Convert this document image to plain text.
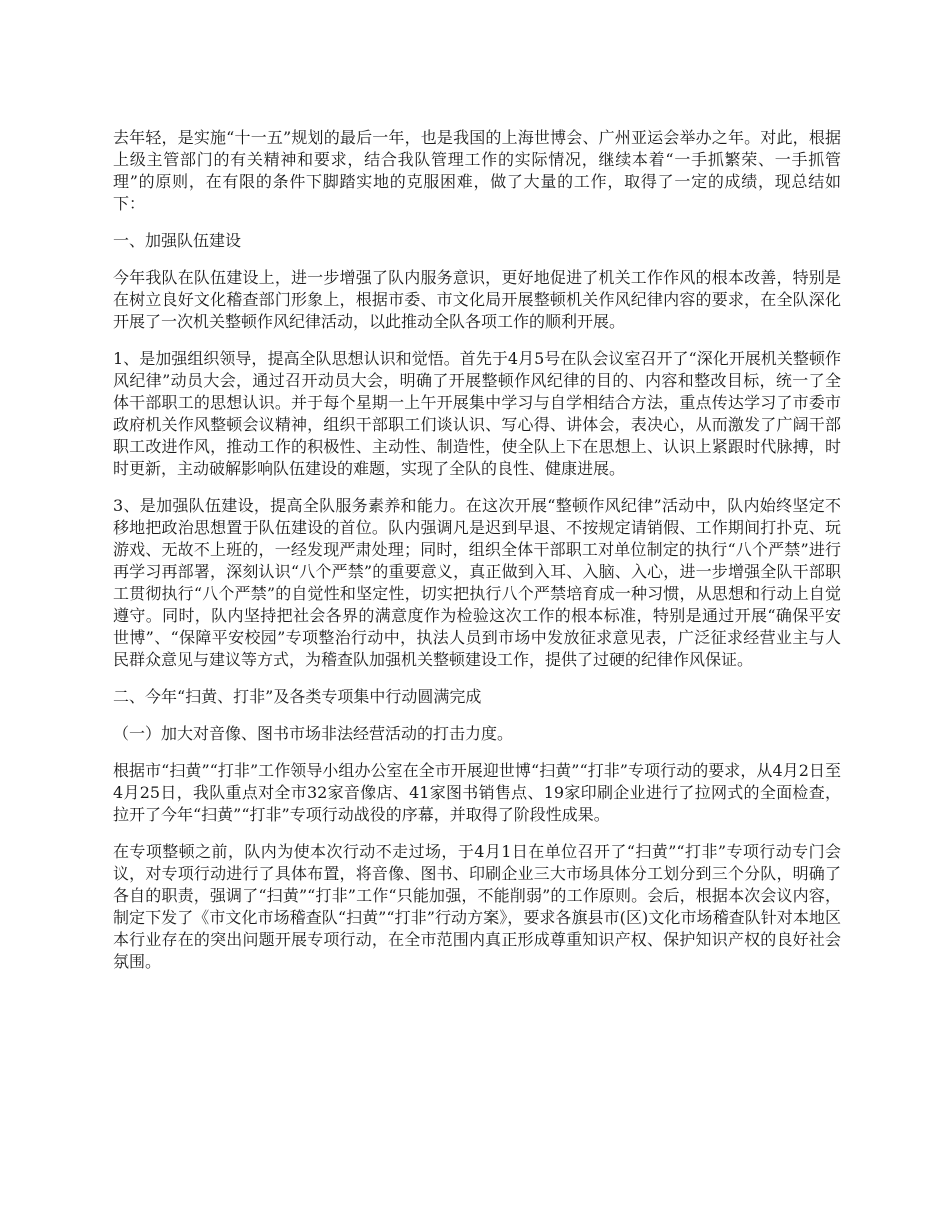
去年轻，是实施“十一五”规划的最后一年，也是我国的上海世博会、广州亚运会举办之年。对此，根据上级主管部门的有关精神和要求，结合我队管理工作的实际情况，继续本着“一手抓繁荣、一手抓管理”的原则，在有限的条件下脚踏实地的克服困难，做了大量的工作，取得了一定的成绩，现总结如下：

一、加强队伍建设

今年我队在队伍建设上，进一步增强了队内服务意识，更好地促进了机关工作作风的根本改善，特别是在树立良好文化稽查部门形象上，根据市委、市文化局开展整顿机关作风纪律内容的要求，在全队深化开展了一次机关整顿作风纪律活动，以此推动全队各项工作的顺利开展。

1、是加强组织领导，提高全队思想认识和觉悟。首先于4月5号在队会议室召开了“深化开展机关整顿作风纪律”动员大会，通过召开动员大会，明确了开展整顿作风纪律的目的、内容和整改目标，统一了全体干部职工的思想认识。并于每个星期一上午开展集中学习与自学相结合方法，重点传达学习了市委市政府机关作风整顿会议精神，组织干部职工们谈认识、写心得、讲体会，表决心，从而激发了广阔干部职工改进作风，推动工作的积极性、主动性、制造性，使全队上下在思想上、认识上紧跟时代脉搏，时时更新，主动破解影响队伍建设的难题，实现了全队的良性、健康进展。

3、是加强队伍建设，提高全队服务素养和能力。在这次开展“整顿作风纪律”活动中，队内始终坚定不移地把政治思想置于队伍建设的首位。队内强调凡是迟到早退、不按规定请销假、工作期间打扑克、玩游戏、无故不上班的，一经发现严肃处理；同时，组织全体干部职工对单位制定的执行“八个严禁”进行再学习再部署，深刻认识“八个严禁”的重要意义，真正做到入耳、入脑、入心，进一步增强全队干部职工贯彻执行“八个严禁”的自觉性和坚定性，切实把执行八个严禁培育成一种习惯，从思想和行动上自觉遵守。同时，队内坚持把社会各界的满意度作为检验这次工作的根本标准，特别是通过开展“确保平安世博”、“保障平安校园”专项整治行动中，执法人员到市场中发放征求意见表，广泛征求经营业主与人民群众意见与建议等方式，为稽查队加强机关整顿建设工作，提供了过硬的纪律作风保证。

二、今年“扫黄、打非”及各类专项集中行动圆满完成

（一）加大对音像、图书市场非法经营活动的打击力度。

根据市“扫黄”“打非”工作领导小组办公室在全市开展迎世博“扫黄”“打非”专项行动的要求，从4月2日至4月25日，我队重点对全市32家音像店、41家图书销售点、19家印刷企业进行了拉网式的全面检查，拉开了今年“扫黄”“打非”专项行动战役的序幕，并取得了阶段性成果。

在专项整顿之前，队内为使本次行动不走过场，于4月1日在单位召开了“扫黄”“打非”专项行动专门会议，对专项行动进行了具体布置，将音像、图书、印刷企业三大市场具体分工划分到三个分队，明确了各自的职责，强调了“扫黄”“打非”工作“只能加强，不能削弱”的工作原则。会后，根据本次会议内容，制定下发了《市文化市场稽查队“扫黄”“打非”行动方案》，要求各旗县市(区)文化市场稽查队针对本地区本行业存在的突出问题开展专项行动，在全市范围内真正形成尊重知识产权、保护知识产权的良好社会氛围。
